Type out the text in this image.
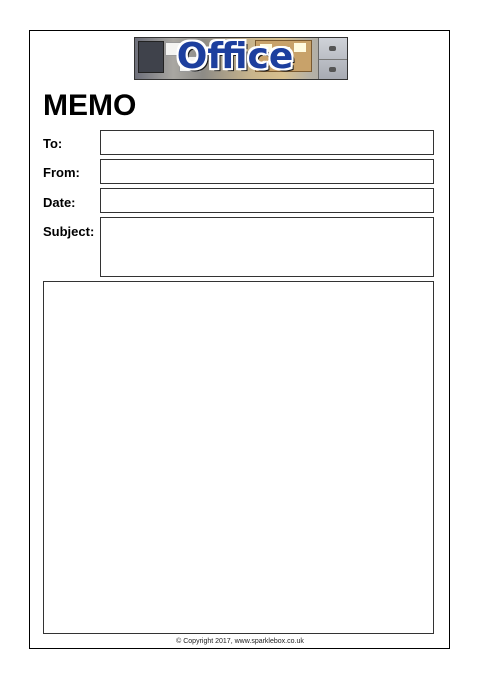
Office
MEMO
To:
From:
Date:
Subject:
© Copyright 2017, www.sparklebox.co.uk
